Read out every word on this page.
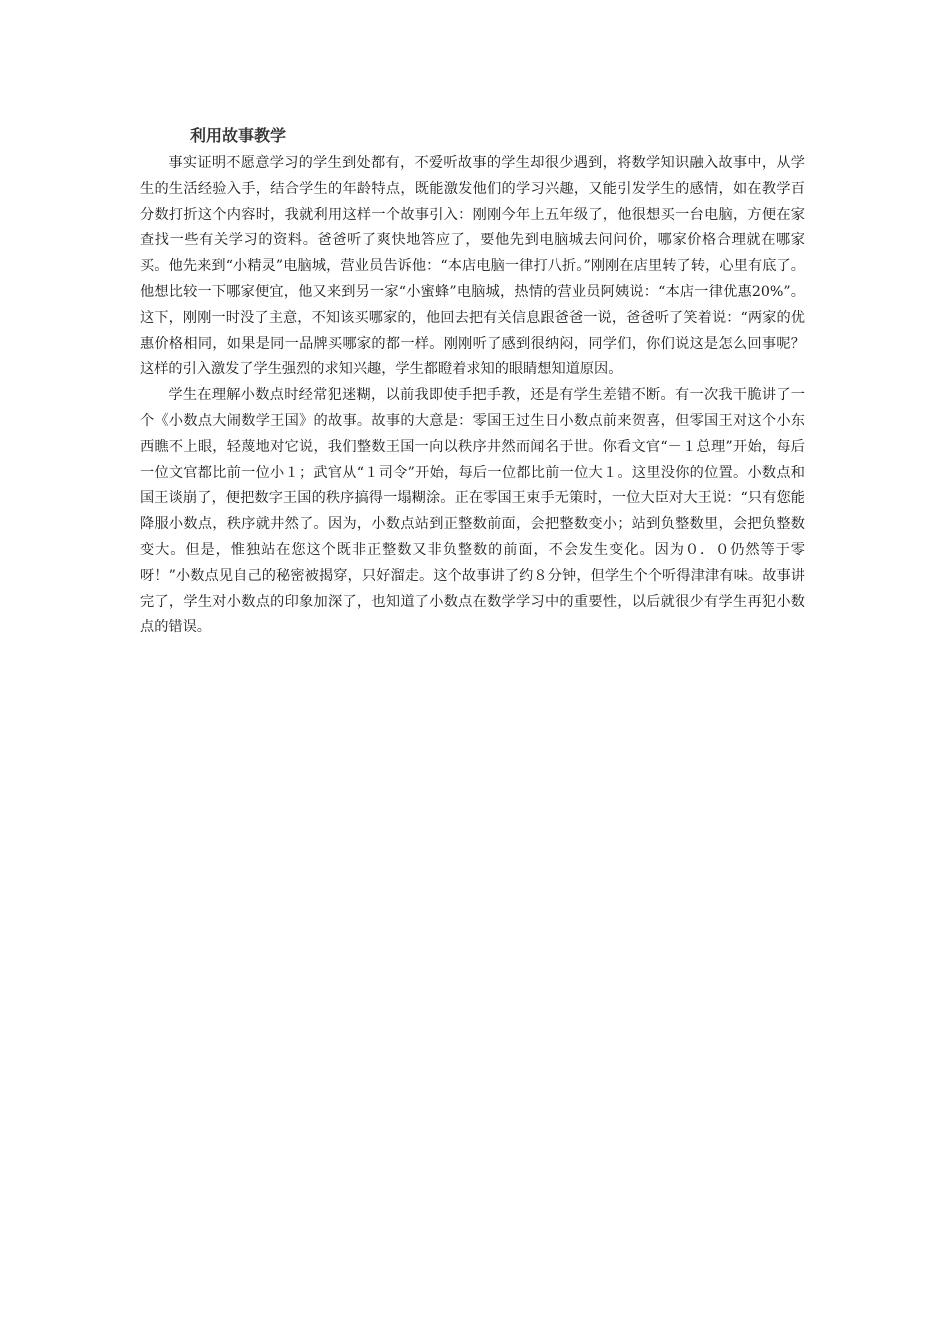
利用故事教学

事实证明不愿意学习的学生到处都有，不爱听故事的学生却很少遇到，将数学知识融入故事中，从学生的生活经验入手，结合学生的年龄特点，既能激发他们的学习兴趣，又能引发学生的感情，如在教学百分数打折这个内容时，我就利用这样一个故事引入：刚刚今年上五年级了，他很想买一台电脑，方便在家查找一些有关学习的资料。爸爸听了爽快地答应了，要他先到电脑城去问问价，哪家价格合理就在哪家买。他先来到“小精灵”电脑城，营业员告诉他：“本店电脑一律打八折。”刚刚在店里转了转，心里有底了。他想比较一下哪家便宜，他又来到另一家“小蜜蜂”电脑城，热情的营业员阿姨说：“本店一律优惠20%”。这下，刚刚一时没了主意，不知该买哪家的，他回去把有关信息跟爸爸一说，爸爸听了笑着说：“两家的优惠价格相同，如果是同一品牌买哪家的都一样。刚刚听了感到很纳闷，同学们，你们说这是怎么回事呢？这样的引入激发了学生强烈的求知兴趣，学生都瞪着求知的眼睛想知道原因。

学生在理解小数点时经常犯迷糊，以前我即使手把手教，还是有学生差错不断。有一次我干脆讲了一个《小数点大闹数学王国》的故事。故事的大意是：零国王过生日小数点前来贺喜，但零国王对这个小东西瞧不上眼，轻蔑地对它说，我们整数王国一向以秩序井然而闻名于世。你看文官“－１总理”开始，每后一位文官都比前一位小１；武官从“１司令”开始，每后一位都比前一位大１。这里没你的位置。小数点和国王谈崩了，便把数字王国的秩序搞得一塌糊涂。正在零国王束手无策时，一位大臣对大王说：“只有您能降服小数点，秩序就井然了。因为，小数点站到正整数前面，会把整数变小；站到负整数里，会把负整数变大。但是，惟独站在您这个既非正整数又非负整数的前面，不会发生变化。因为０．０仍然等于零呀！”小数点见自己的秘密被揭穿，只好溜走。这个故事讲了约８分钟，但学生个个听得津津有味。故事讲完了，学生对小数点的印象加深了，也知道了小数点在数学学习中的重要性，以后就很少有学生再犯小数点的错误。
